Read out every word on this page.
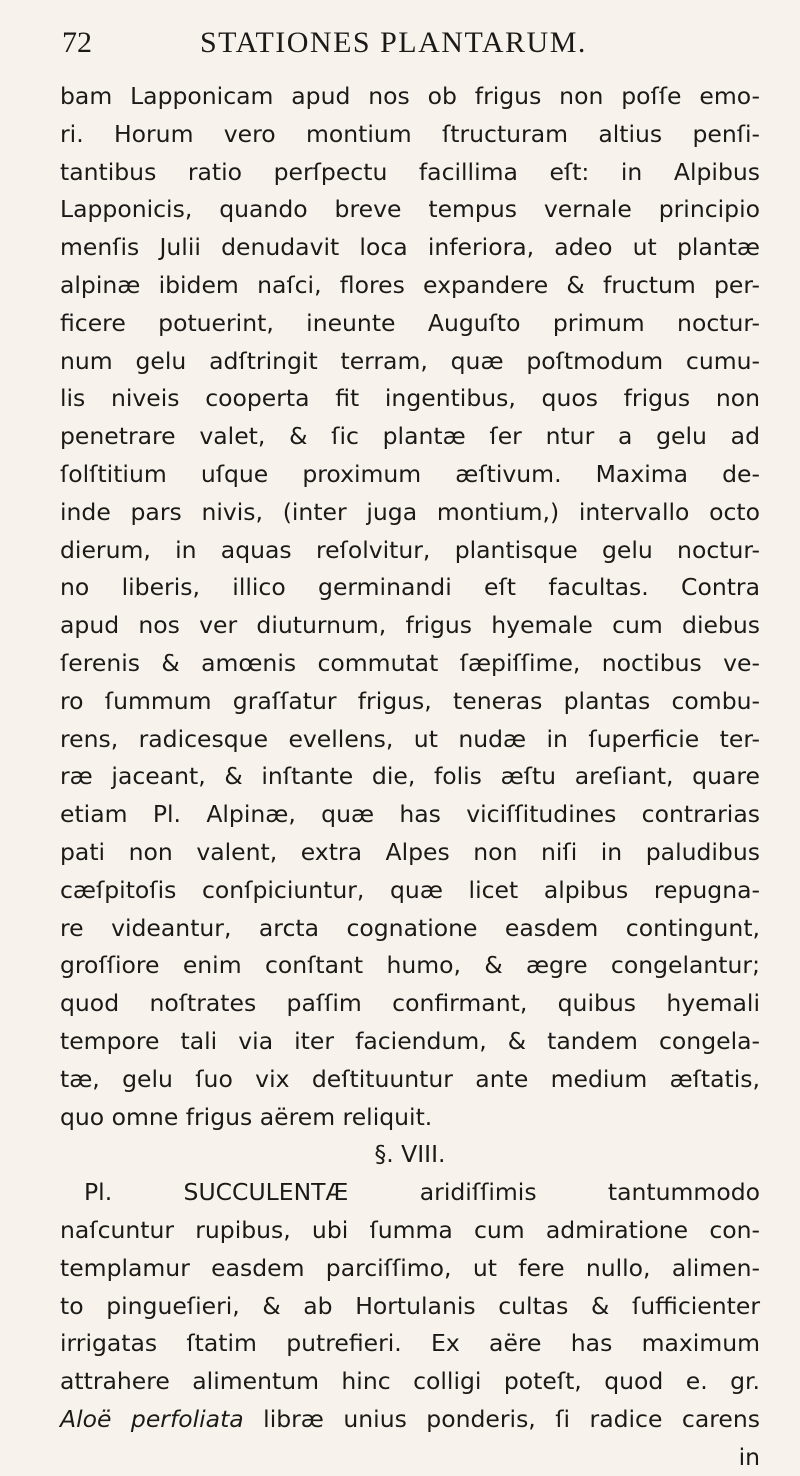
72	STATIONES PLANTARUM.
bam Lapponicam apud nos ob frigus non poſſe emo-
ri. Horum vero montium ſtructuram altius penſi-
tantibus ratio perſpectu facillima eſt: in Alpibus
Lapponicis, quando breve tempus vernale principio
menſis Julii denudavit loca inferiora, adeo ut plantæ
alpinæ ibidem naſci, flores expandere & fructum per-
ficere potuerint, ineunte Auguſto primum noctur-
num gelu adſtringit terram, quæ poſtmodum cumu-
lis niveis cooperta fit ingentibus, quos frigus non
penetrare valet, & ſic plantæ ſer ntur a gelu ad
ſolſtitium uſque proximum æſtivum. Maxima de-
inde pars nivis, (inter juga montium,) intervallo octo
dierum, in aquas reſolvitur, plantisque gelu noctur-
no liberis, illico germinandi eſt facultas. Contra
apud nos ver diuturnum, frigus hyemale cum diebus
ſerenis & amœnis commutat ſæpiſſime, noctibus ve-
ro ſummum graſſatur frigus, teneras plantas combu-
rens, radicesque evellens, ut nudæ in ſuperficie ter-
ræ jaceant, & inſtante die, folis æſtu areſiant, quare
etiam Pl. Alpinæ, quæ has viciſſitudines contrarias
pati non valent, extra Alpes non niſi in paludibus
cæſpitoſis conſpiciuntur, quæ licet alpibus repugna-
re videantur, arcta cognatione easdem contingunt,
groſſiore enim conſtant humo, & ægre congelantur;
quod noſtrates paſſim confirmant, quibus hyemali
tempore tali via iter faciendum, & tandem congela-
tæ, gelu ſuo vix deſtituuntur ante medium æſtatis,
quo omne frigus aërem reliquit.
§. VIII.
Pl. SUCCULENTÆ aridiſſimis tantummodo
naſcuntur rupibus, ubi ſumma cum admiratione con-
templamur easdem parciſſimo, ut fere nullo, alimen-
to pingueſieri, & ab Hortulanis cultas & ſufficienter
irrigatas ſtatim putrefieri. Ex aëre has maximum
attrahere alimentum hinc colligi poteſt, quod e. gr.
Aloë perfoliata libræ unius ponderis, ſi radice carens
in
